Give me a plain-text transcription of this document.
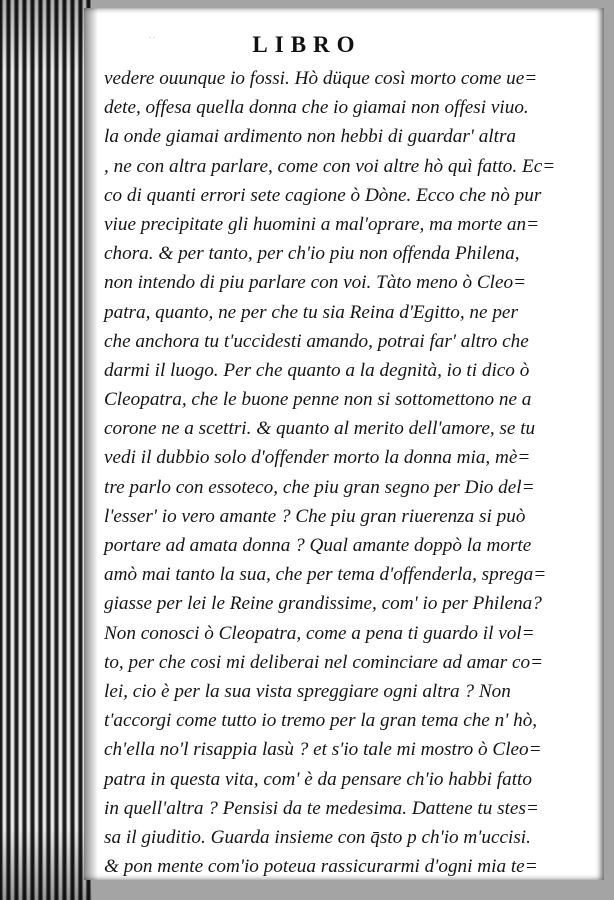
··	LIBRO
vedere ouunque io fossi. Hò düque così morto come ue=
dete, offesa quella donna che io giamai non offesi viuo.
la onde giamai ardimento non hebbi di guardar' altra
, ne con altra parlare, come con voi altre hò quì fatto. Ec=
co di quanti errori sete cagione ò Dòne. Ecco che nò pur
viue precipitate gli huomini a mal'oprare, ma morte an=
chora. & per tanto, per ch'io piu non offenda Philena,
non intendo di piu parlare con voi. Tàto meno ò Cleo=
patra, quanto, ne per che tu sia Reina d'Egitto, ne per
che anchora tu t'uccidesti amando, potrai far' altro che
darmi il luogo. Per che quanto a la degnità, io ti dico ò
Cleopatra, che le buone penne non si sottomettono ne a
corone ne a scettri. & quanto al merito dell'amore, se tu
vedi il dubbio solo d'offender morto la donna mia, mè=
tre parlo con essoteco, che piu gran segno per Dio del=
l'esser' io vero amante ? Che piu gran riuerenza si può
portare ad amata donna ? Qual amante doppò la morte
amò mai tanto la sua, che per tema d'offenderla, sprega=
giasse per lei le Reine grandissime, com' io per Philena?
Non conosci ò Cleopatra, come a pena ti guardo il vol=
to, per che cosi mi deliberai nel cominciare ad amar co=
lei, cio è per la sua vista spreggiare ogni altra ? Non
t'accorgi come tutto io tremo per la gran tema che n' hò,
ch'ella no'l risappia lasù ? et s'io tale mi mostro ò Cleo=
patra in questa vita, com' è da pensare ch'io habbi fatto
in quell'altra ? Pensisi da te medesima. Dattene tu stes=
sa il giuditio. Guarda insieme con q̄sto p ch'io m'uccisi.
& pon mente com'io poteua rassicurarmi d'ogni mia te=
